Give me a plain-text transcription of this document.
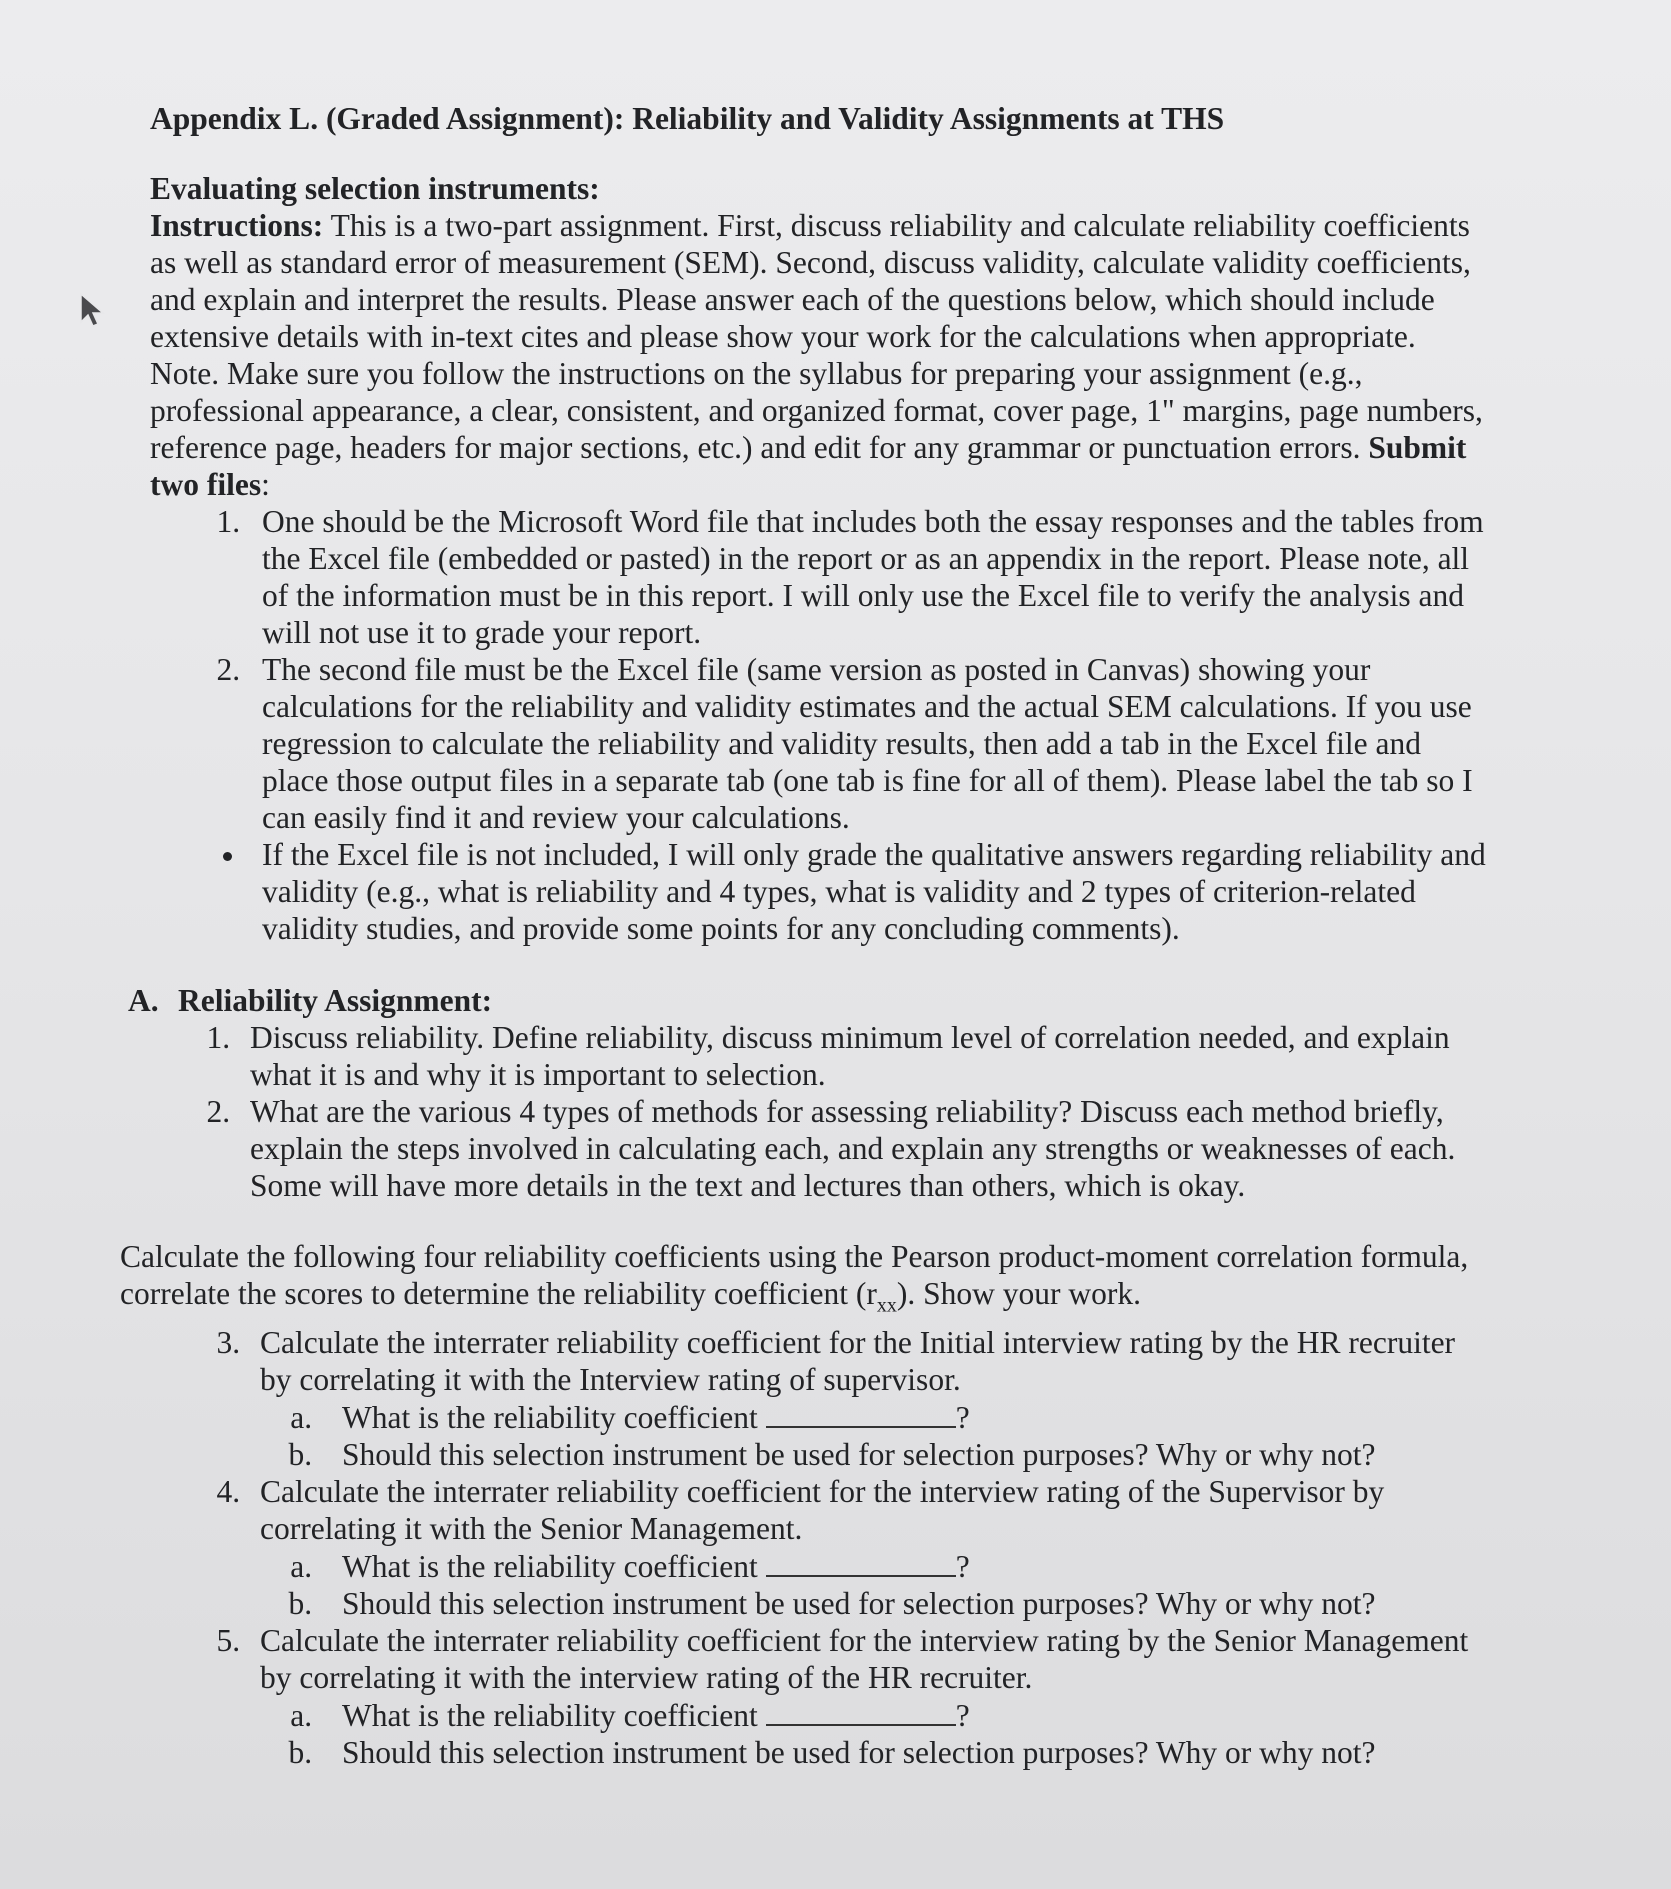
Appendix L. (Graded Assignment): Reliability and Validity Assignments at THS
Evaluating selection instruments:

Instructions: This is a two-part assignment. First, discuss reliability and calculate reliability coefficients as well as standard error of measurement (SEM). Second, discuss validity, calculate validity coefficients, and explain and interpret the results. Please answer each of the questions below, which should include extensive details with in-text cites and please show your work for the calculations when appropriate. Note. Make sure you follow the instructions on the syllabus for preparing your assignment (e.g., professional appearance, a clear, consistent, and organized format, cover page, 1" margins, page numbers, reference page, headers for major sections, etc.) and edit for any grammar or punctuation errors. Submit two files:

1. One should be the Microsoft Word file that includes both the essay responses and the tables from the Excel file (embedded or pasted) in the report or as an appendix in the report. Please note, all of the information must be in this report. I will only use the Excel file to verify the analysis and will not use it to grade your report.
2. The second file must be the Excel file (same version as posted in Canvas) showing your calculations for the reliability and validity estimates and the actual SEM calculations. If you use regression to calculate the reliability and validity results, then add a tab in the Excel file and place those output files in a separate tab (one tab is fine for all of them). Please label the tab so I can easily find it and review your calculations.
• If the Excel file is not included, I will only grade the qualitative answers regarding reliability and validity (e.g., what is reliability and 4 types, what is validity and 2 types of criterion-related validity studies, and provide some points for any concluding comments).
A. Reliability Assignment:
1. Discuss reliability. Define reliability, discuss minimum level of correlation needed, and explain what it is and why it is important to selection.
2. What are the various 4 types of methods for assessing reliability? Discuss each method briefly, explain the steps involved in calculating each, and explain any strengths or weaknesses of each. Some will have more details in the text and lectures than others, which is okay.

Calculate the following four reliability coefficients using the Pearson product-moment correlation formula, correlate the scores to determine the reliability coefficient $(r_{xx})$. Show your work.

3. Calculate the interrater reliability coefficient for the Initial interview rating by the HR recruiter by correlating it with the Interview rating of supervisor.
a. What is the reliability coefficient	?
b. Should this selection instrument be used for selection purposes? Why or why not?
4. Calculate the interrater reliability coefficient for the interview rating of the Supervisor by correlating it with the Senior Management.
a. What is the reliability coefficient	?
b. Should this selection instrument be used for selection purposes? Why or why not?
5. Calculate the interrater reliability coefficient for the interview rating by the Senior Management by correlating it with the interview rating of the HR recruiter.
a. What is the reliability coefficient	?
b. Should this selection instrument be used for selection purposes? Why or why not?
